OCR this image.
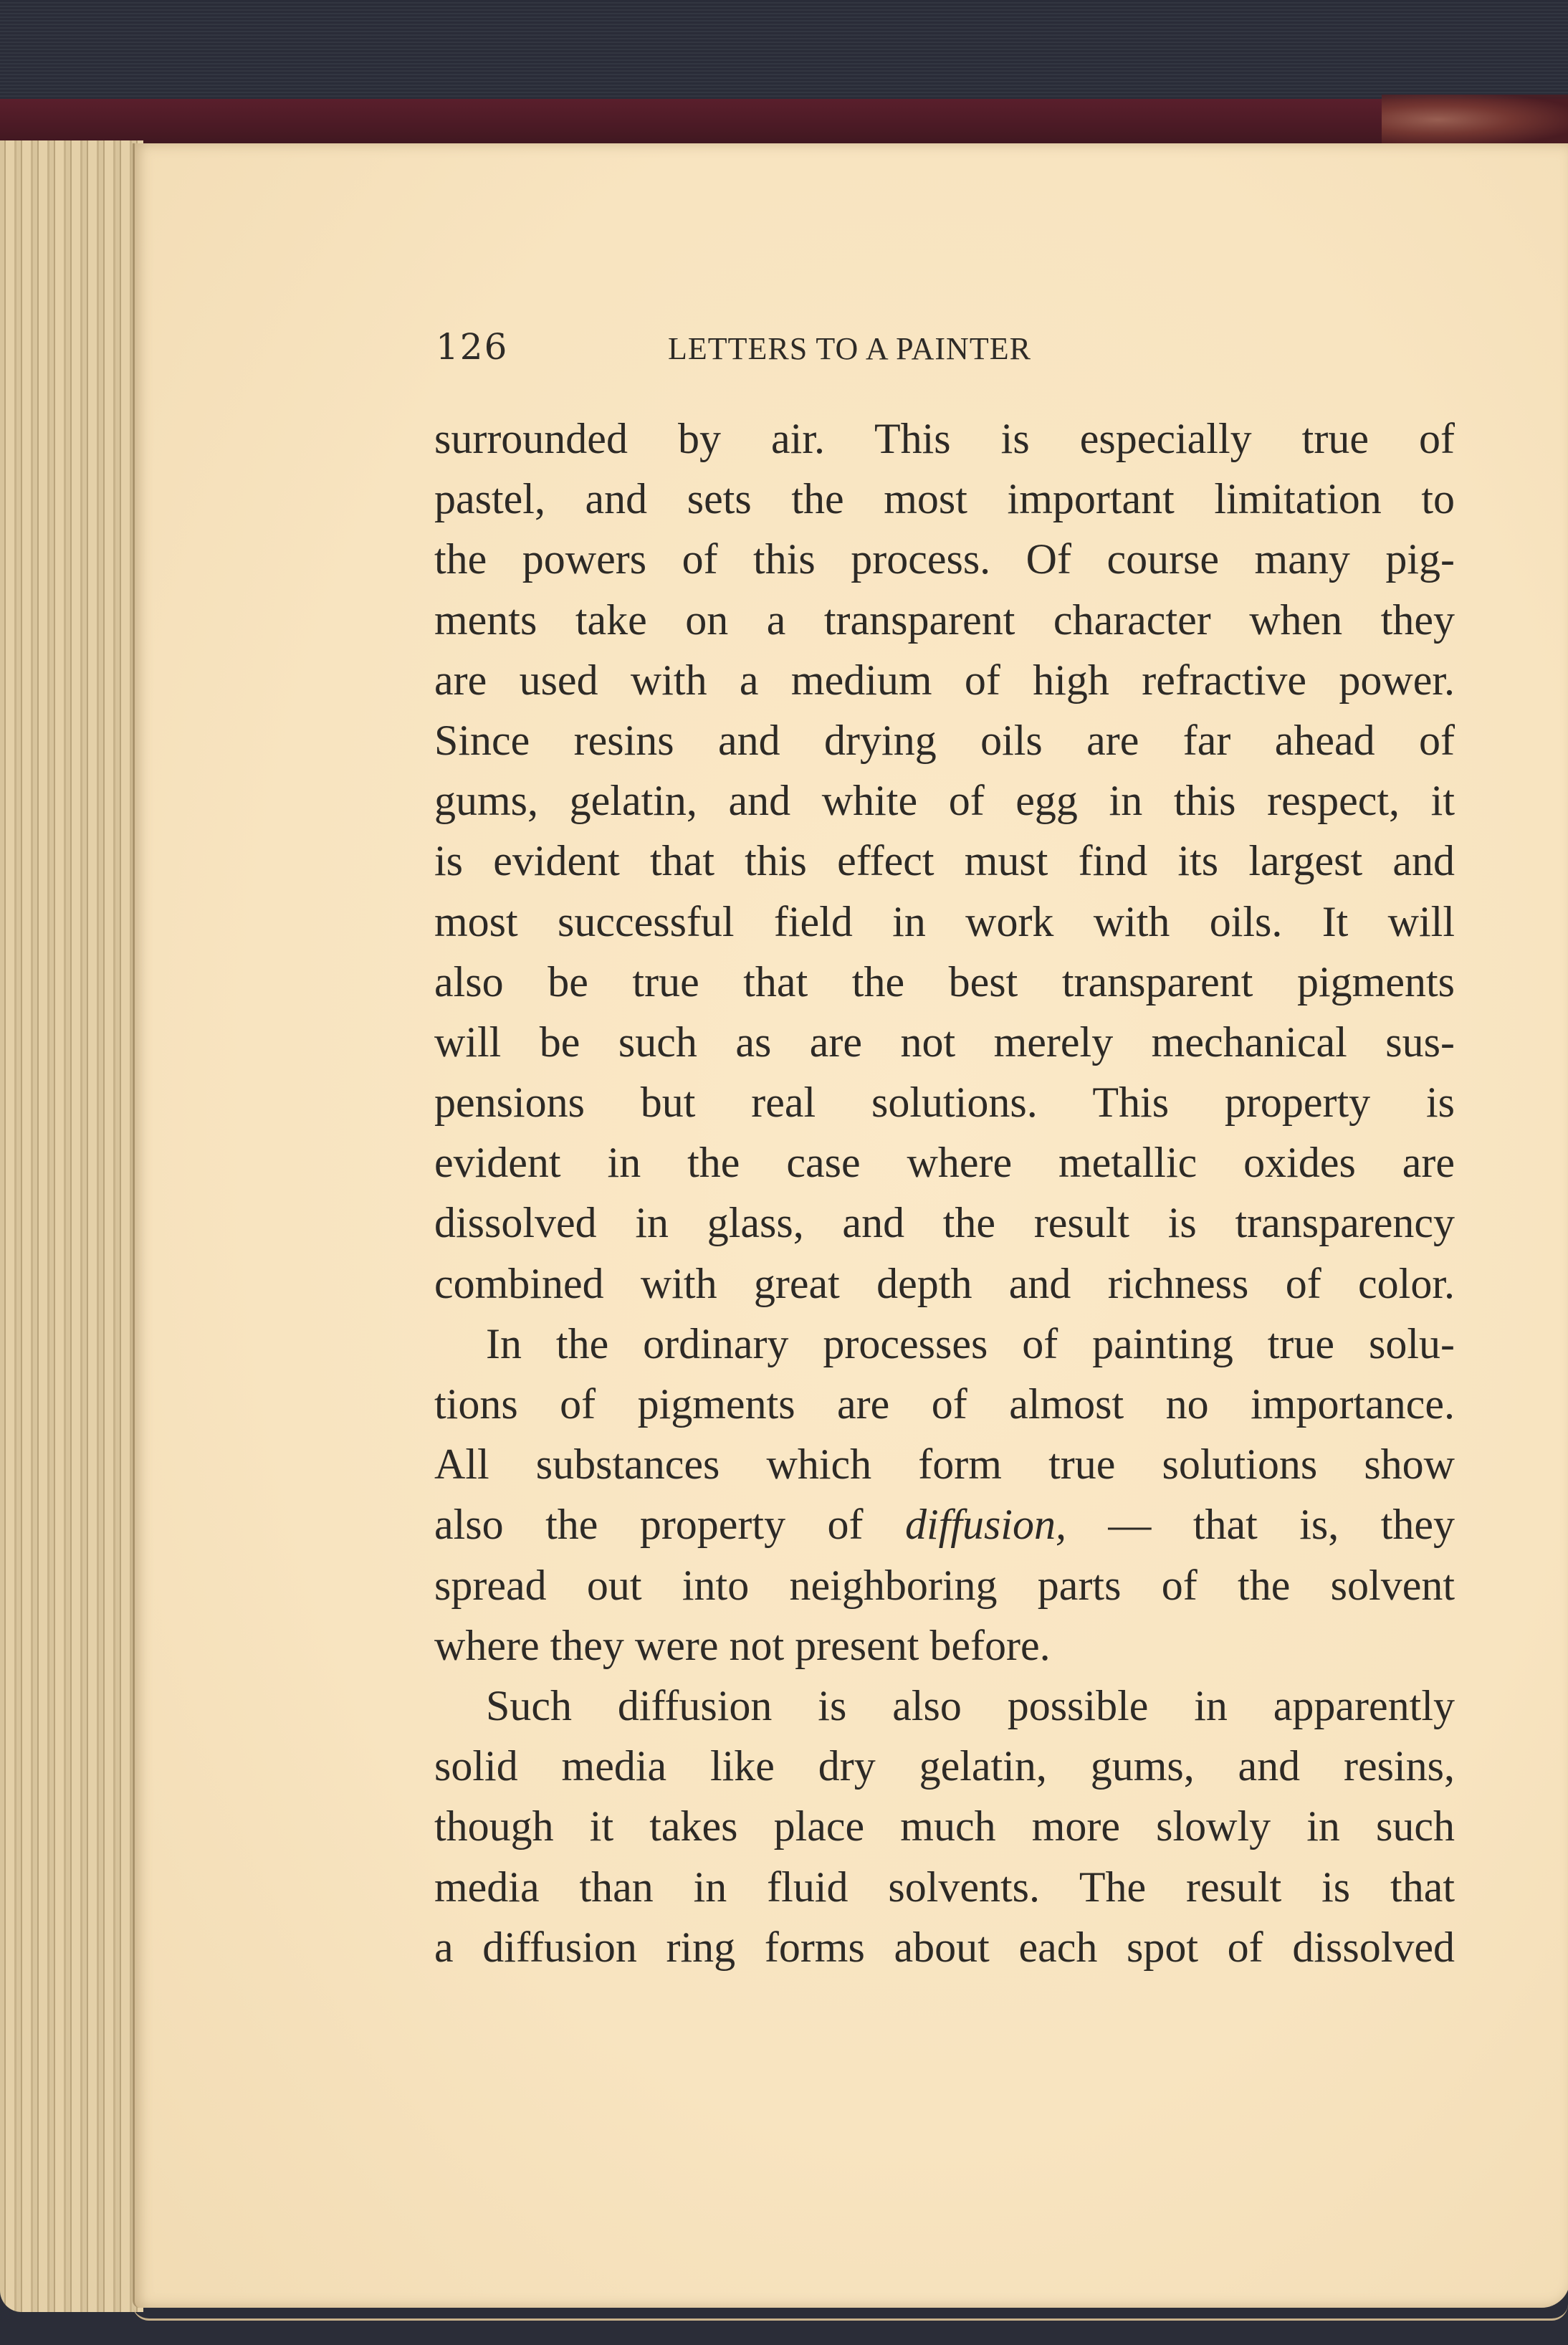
126	LETTERS TO A PAINTER
surrounded by air. This is especially true of
pastel, and sets the most important limitation to
the powers of this process. Of course many pig-
ments take on a transparent character when they
are used with a medium of high refractive power.
Since resins and drying oils are far ahead of
gums, gelatin, and white of egg in this respect, it
is evident that this effect must find its largest and
most successful field in work with oils. It will
also be true that the best transparent pigments
will be such as are not merely mechanical sus-
pensions but real solutions. This property is
evident in the case where metallic oxides are
dissolved in glass, and the result is transparency
combined with great depth and richness of color.
In the ordinary processes of painting true solu-
tions of pigments are of almost no importance.
All substances which form true solutions show
also the property of diffusion, — that is, they
spread out into neighboring parts of the solvent
where they were not present before.
Such diffusion is also possible in apparently
solid media like dry gelatin, gums, and resins,
though it takes place much more slowly in such
media than in fluid solvents. The result is that
a diffusion ring forms about each spot of dissolved
